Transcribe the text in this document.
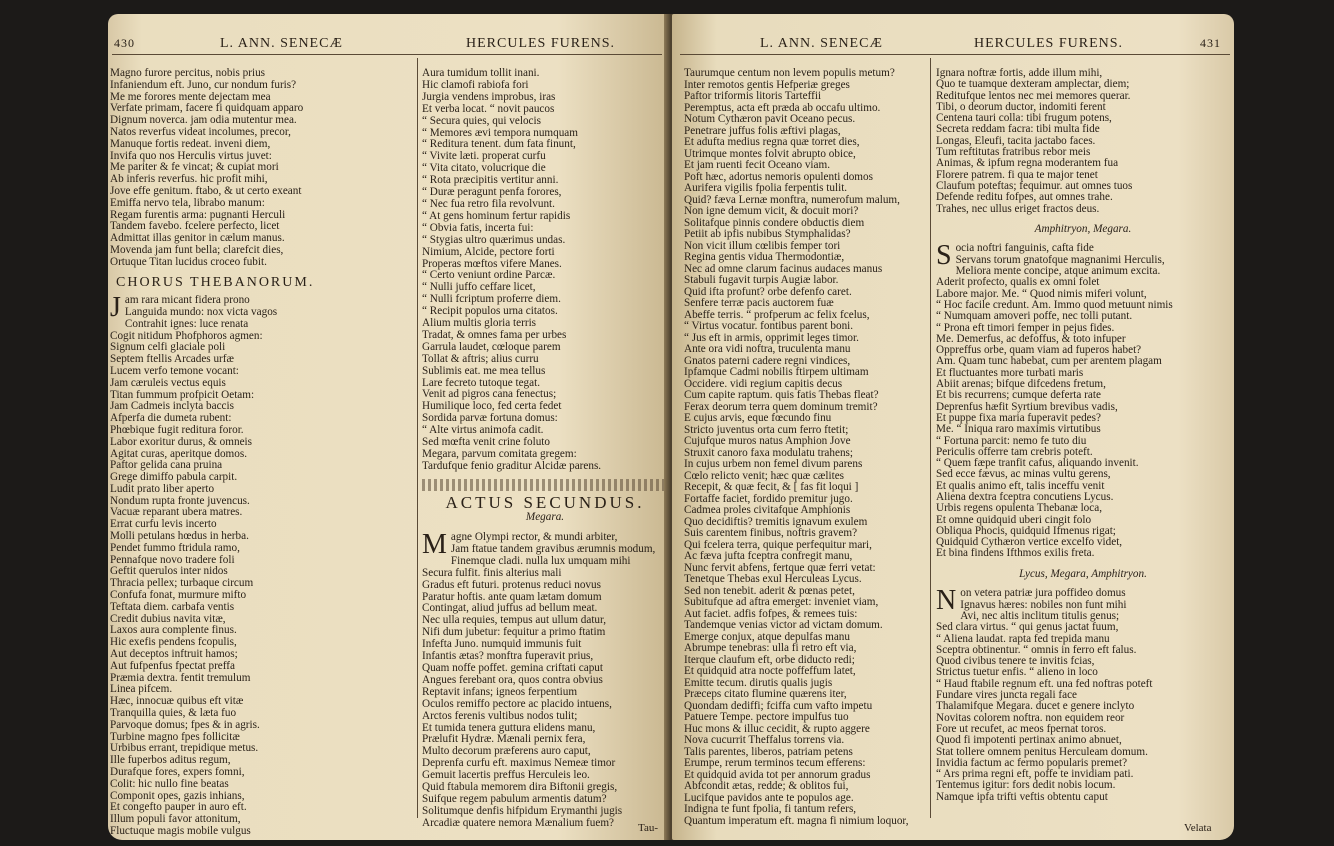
430	L. ANN. SENECÆ	HERCULES FURENS.
Magno furore percitus, nobis prius
Infaniendum eft. Juno, cur nondum furis?
Me me forores mente dejectam mea
Verfate primam, facere fi quidquam apparo
Dignum noverca. jam odia mutentur mea.
Natos reverfus videat incolumes, precor,
Manuque fortis redeat. inveni diem,
Invifa quo nos Herculis virtus juvet:
Me pariter & fe vincat; & cupiat mori
Ab inferis reverfus. hic profit mihi,
Jove effe genitum. ftabo, & ut certo exeant
Emiffa nervo tela, librabo manum:
Regam furentis arma: pugnanti Herculi
Tandem favebo. fcelere perfecto, licet
Admittat illas genitor in cælum manus.
Movenda jam funt bella; clarefcit dies,
Ortuque Titan lucidus croceo fubit.
CHORUS THEBANORUM.
Jam rara micant fidera prono
Languida mundo: nox victa vagos
Contrahit ignes: luce renata
Cogit nitidum Phofphoros agmen:
Signum celfi glaciale poli
Septem ftellis Arcades urfæ
Lucem verfo temone vocant:
Jam cæruleis vectus equis
Titan fummum profpicit Oetam:
Jam Cadmeis inclyta baccis
Afperfa die dumeta rubent:
Phœbique fugit reditura foror.
Labor exoritur durus, & omneis
Agitat curas, aperitque domos.
Paftor gelida cana pruina
Grege dimiffo pabula carpit.
Ludit prato liber aperto
Nondum rupta fronte juvencus.
Vacuæ reparant ubera matres.
Errat curfu levis incerto
Molli petulans hœdus in herba.
Pendet fummo ftridula ramo,
Pennafque novo tradere foli
Geftit querulos inter nidos
Thracia pellex; turbaque circum
Confufa fonat, murmure mifto
Teftata diem. carbafa ventis
Credit dubius navita vitæ,
Laxos aura complente finus.
Hic exefis pendens fcopulis,
Aut deceptos inftruit hamos;
Aut fufpenfus fpectat preffa
Præmia dextra. fentit tremulum
Linea pifcem.
Hæc, innocuæ quibus eft vitæ
Tranquilla quies, & læta fuo
Parvoque domus; fpes & in agris.
Turbine magno fpes follicitæ
Urbibus errant, trepidique metus.
Ille fuperbos aditus regum,
Durafque fores, expers fomni,
Colit: hic nullo fine beatas
Componit opes, gazis inhians,
Et congefto pauper in auro eft.
Illum populi favor attonitum,
Fluctuque magis mobile vulgus
Aura tumidum tollit inani.
Hic clamofi rabiofa fori
Jurgia vendens improbus, iras
Et verba locat. “ novit paucos
“ Secura quies, qui velocis
“ Memores ævi tempora numquam
“ Reditura tenent. dum fata finunt,
“ Vivite læti. properat curfu
“ Vita citato, volucrique die
“ Rota præcipitis vertitur anni.
“ Duræ peragunt penfa forores,
“ Nec fua retro fila revolvunt.
“ At gens hominum fertur rapidis
“ Obvia fatis, incerta fui:
“ Stygias ultro quærimus undas.
Nimium, Alcide, pectore forti
Properas mœftos vifere Manes.
“ Certo veniunt ordine Parcæ.
“ Nulli juffo ceffare licet,
“ Nulli fcriptum proferre diem.
“ Recipit populos urna citatos.
Alium multis gloria terris
Tradat, & omnes fama per urbes
Garrula laudet, cœloque parem
Tollat & aftris; alius curru
Sublimis eat. me mea tellus
Lare fecreto tutoque tegat.
Venit ad pigros cana fenectus;
Humilique loco, fed certa fedet
Sordida parvæ fortuna domus:
“ Alte virtus animofa cadit.
Sed mœfta venit crine foluto
Megara, parvum comitata gregem:
Tardufque fenio graditur Alcidæ parens.
ACTUS SECUNDUS.
Megara.
Magne Olympi rector, & mundi arbiter,
Jam ftatue tandem gravibus ærumnis modum,
Finemque cladi. nulla lux umquam mihi
Secura fulfit. finis alterius mali
Gradus eft futuri. protenus reduci novus
Paratur hoftis. ante quam lætam domum
Contingat, aliud juffus ad bellum meat.
Nec ulla requies, tempus aut ullum datur,
Nifi dum jubetur: fequitur a primo ftatim
Infefta Juno. numquid immunis fuit
Infantis ætas? monftra fuperavit prius,
Quam noffe poffet. gemina criftati caput
Angues ferebant ora, quos contra obvius
Reptavit infans; igneos ferpentium
Oculos remiffo pectore ac placido intuens,
Arctos ferenis vultibus nodos tulit;
Et tumida tenera guttura elidens manu,
Prælufit Hydræ. Mænali pernix fera,
Multo decorum præferens auro caput,
Deprenfa curfu eft. maximus Nemeæ timor
Gemuit lacertis preffus Herculeis leo.
Quid ftabula memorem dira Biftonii gregis,
Suifque regem pabulum armentis datum?
Solitumque denfis hifpidum Erymanthi jugis
Arcadiæ quatere nemora Mænalium fuem?	Tau-
L. ANN. SENECÆ	HERCULES FURENS.	431
Taurumque centum non levem populis metum?
Inter remotos gentis Hefperiæ greges
Paftor triformis litoris Tarteffii
Peremptus, acta eft præda ab occafu ultimo.
Notum Cythæron pavit Oceano pecus.
Penetrare juffus folis æftivi plagas,
Et adufta medius regna quæ torret dies,
Utrimque montes folvit abrupto obice,
Et jam ruenti fecit Oceano viam.
Poft hæc, adortus nemoris opulenti domos
Aurifera vigilis fpolia ferpentis tulit.
Quid? fæva Lernæ monftra, numerofum malum,
Non igne demum vicit, & docuit mori?
Solitafque pinnis condere obductis diem
Petiit ab ipfis nubibus Stymphalidas?
Non vicit illum cœlibis femper tori
Regina gentis vidua Thermodontiæ,
Nec ad omne clarum facinus audaces manus
Stabuli fugavit turpis Augiæ labor.
Quid ifta profunt? orbe defenfo caret.
Senfere terræ pacis auctorem fuæ
Abeffe terris. “ profperum ac felix fcelus,
“ Virtus vocatur. fontibus parent boni.
“ Jus eft in armis, opprimit leges timor.
Ante ora vidi noftra, truculenta manu
Gnatos paterni cadere regni vindices,
Ipfamque Cadmi nobilis ftirpem ultimam
Occidere. vidi regium capitis decus
Cum capite raptum. quis fatis Thebas fleat?
Ferax deorum terra quem dominum tremit?
E cujus arvis, eque fœcundo finu
Stricto juventus orta cum ferro ftetit;
Cujufque muros natus Amphion Jove
Struxit canoro faxa modulatu trahens;
In cujus urbem non femel divum parens
Cœlo relicto venit; hæc quæ cælites
Recepit, & quæ fecit, & [ fas fit loqui ]
Fortaffe faciet, fordido premitur jugo.
Cadmea proles civitafque Amphionis
Quo decidiftis? tremitis ignavum exulem
Suis carentem finibus, noftris gravem?
Qui fcelera terra, quique perfequitur mari,
Ac fæva jufta fceptra confregit manu,
Nunc fervit abfens, fertque quæ ferri vetat:
Tenetque Thebas exul Herculeas Lycus.
Sed non tenebit. aderit & pœnas petet,
Subitufque ad aftra emerget: inveniet viam,
Aut faciet. adfis fofpes, & remees tuis:
Tandemque venias victor ad victam domum.
Emerge conjux, atque depulfas manu
Abrumpe tenebras: ulla fi retro eft via,
Iterque claufum eft, orbe diducto redi;
Et quidquid atra nocte poffeffum latet,
Emitte tecum. dirutis qualis jugis
Præceps citato flumine quærens iter,
Quondam dediffi; fciffa cum vafto impetu
Patuere Tempe. pectore impulfus tuo
Huc mons & illuc cecidit, & rupto aggere
Nova cucurrit Theffalus torrens via.
Talis parentes, liberos, patriam petens
Erumpe, rerum terminos tecum efferens:
Et quidquid avida tot per annorum gradus
Abfcondit ætas, redde; & oblitos fui,
Lucifque pavidos ante te populos age.
Indigna te funt fpolia, fi tantum refers,
Quantum imperatum eft. magna fi nimium loquor,
Ignara noftræ fortis, adde illum mihi,
Quo te tuamque dexteram amplectar, diem;
Reditufque lentos nec mei memores querar.
Tibi, o deorum ductor, indomiti ferent
Centena tauri colla: tibi frugum potens,
Secreta reddam facra: tibi multa fide
Longas, Eleufi, tacita jactabo faces.
Tum reftitutas fratribus rebor meis
Animas, & ipfum regna moderantem fua
Florere patrem. fi qua te major tenet
Claufum poteftas; fequimur. aut omnes tuos
Defende reditu fofpes, aut omnes trahe.
Trahes, nec ullus eriget fractos deus.
Amphitryon, Megara.
Socia noftri fanguinis, cafta fide
Servans torum gnatofque magnanimi Herculis,
Meliora mente concipe, atque animum excita.
Aderit profecto, qualis ex omni folet
Labore major. Me. “ Quod nimis miferi volunt,
“ Hoc facile credunt. Am. Immo quod metuunt nimis
“ Numquam amoveri poffe, nec tolli putant.
“ Prona eft timori femper in pejus fides.
Me. Demerfus, ac defoffus, & toto infuper
Oppreffus orbe, quam viam ad fuperos habet?
Am. Quam tunc habebat, cum per arentem plagam
Et fluctuantes more turbati maris
Abiit arenas; bifque difcedens fretum,
Et bis recurrens; cumque deferta rate
Deprenfus hæfit Syrtium brevibus vadis,
Et puppe fixa maria fuperavit pedes?
Me. “ Iniqua raro maximis virtutibus
“ Fortuna parcit: nemo fe tuto diu
Periculis offerre tam crebris poteft.
“ Quem fæpe tranfit cafus, aliquando invenit.
Sed ecce fævus, ac minas vultu gerens,
Et qualis animo eft, talis inceffu venit
Aliena dextra fceptra concutiens Lycus.
Urbis regens opulenta Thebanæ loca,
Et omne quidquid uberi cingit folo
Obliqua Phocis, quidquid Ifmenus rigat;
Quidquid Cythæron vertice excelfo videt,
Et bina findens Ifthmos exilis freta.
Lycus, Megara, Amphitryon.
Non vetera patriæ jura poffideo domus
Ignavus hæres: nobiles non funt mihi
Avi, nec altis inclitum titulis genus;
Sed clara virtus. “ qui genus jactat fuum,
“ Aliena laudat. rapta fed trepida manu
Sceptra obtinentur. “ omnis in ferro eft falus.
Quod civibus tenere te invitis fcias,
Strictus tuetur enfis. “ alieno in loco
“ Haud ftabile regnum eft. una fed noftras poteft
Fundare vires juncta regali face
Thalamifque Megara. ducet e genere inclyto
Novitas colorem noftra. non equidem reor
Fore ut recufet, ac meos fpernat toros.
Quod fi impotenti pertinax animo abnuet,
Stat tollere omnem penitus Herculeam domum.
Invidia factum ac fermo popularis premet?
“ Ars prima regni eft, poffe te invidiam pati.
Tentemus igitur: fors dedit nobis locum.
Namque ipfa trifti veftis obtentu caput
Velata
